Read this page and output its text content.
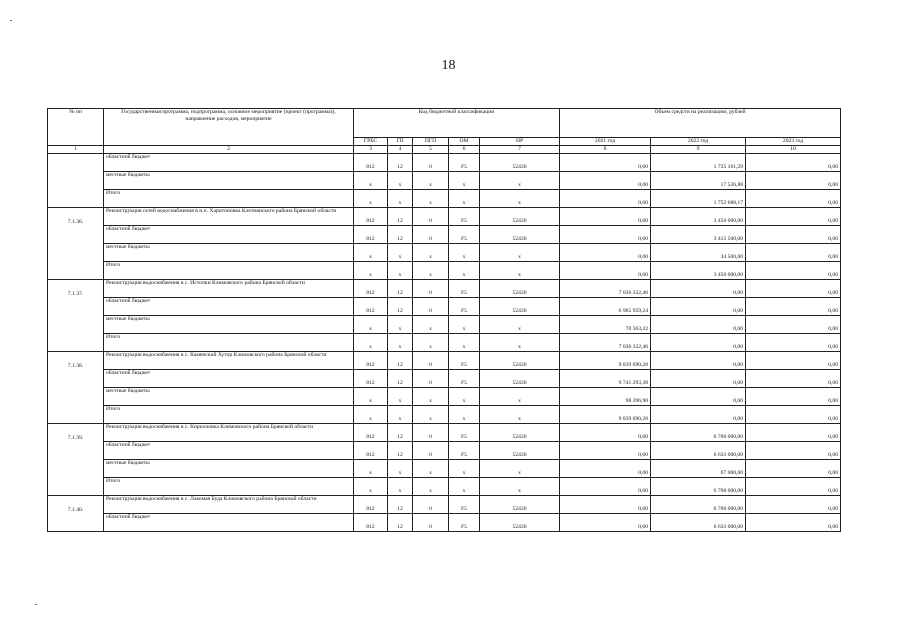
18
№ пп	Государственная программа, подпрограмма, основное мероприятие (проект (программа)), направление расходов, мероприятие	Код бюджетной классификации					Объем средств на реализацию, рублей		
		ГРБС	ГП	ПГП	ОМ	НР	2021 год	2022 год	2023 год
1	2	3	4	5	6	7	8	9	10
	областной бюджет	812	12	0	F5	52430	0,00	1 735 161,29	0,00
	местные бюджеты	х	х	х	х	х	0,00	17 526,88	0,00
	Итого	х	х	х	х	х	0,00	1 752 688,17	0,00
7.1.36.	Реконструкция сетей водоснабжения в н.п. Харитоновка Клетнянского района Брянской области	812	12	0	F5	52430	0,00	3 450 000,00	0,00
	областной бюджет	812	12	0	F5	52430	0,00	3 415 500,00	0,00
	местные бюджеты	х	х	х	х	х	0,00	34 500,00	0,00
	Итого	х	х	х	х	х	0,00	3 450 000,00	0,00
7.1.37.	Реконструкция водоснабжения в с. Истопки Климовского района Брянской области	812	12	0	F5	52430	7 036 322,46	0,00	0,00
	областной бюджет	812	12	0	F5	52430	6 965 959,24	0,00	0,00
	местные бюджеты	х	х	х	х	х	70 363,22	0,00	0,00
	Итого	х	х	х	х	х	7 036 322,46	0,00	0,00
7.1.38.	Реконструкция водоснабжения в с. Каменский Хутор Климовского района Брянской области	812	12	0	F5	52430	9 839 690,28	0,00	0,00
	областной бюджет	812	12	0	F5	52430	9 741 293,38	0,00	0,00
	местные бюджеты	х	х	х	х	х	98 396,90	0,00	0,00
	Итого	х	х	х	х	х	9 839 690,28	0,00	0,00
7.1.39.	Реконструкция водоснабжения в с. Кирилловка Климовского района Брянской области	812	12	0	F5	52430	0,00	6 700 000,00	0,00
	областной бюджет	812	12	0	F5	52430	0,00	6 633 000,00	0,00
	местные бюджеты	х	х	х	х	х	0,00	67 000,00	0,00
	Итого	х	х	х	х	х	0,00	6 700 000,00	0,00
7.1.40.	Реконструкция водоснабжения в с. Лакомая Буда Климовского района Брянской области	812	12	0	F5	52430	0,00	6 700 000,00	0,00
	областной бюджет	812	12	0	F5	52430	0,00	6 633 000,00	0,00
